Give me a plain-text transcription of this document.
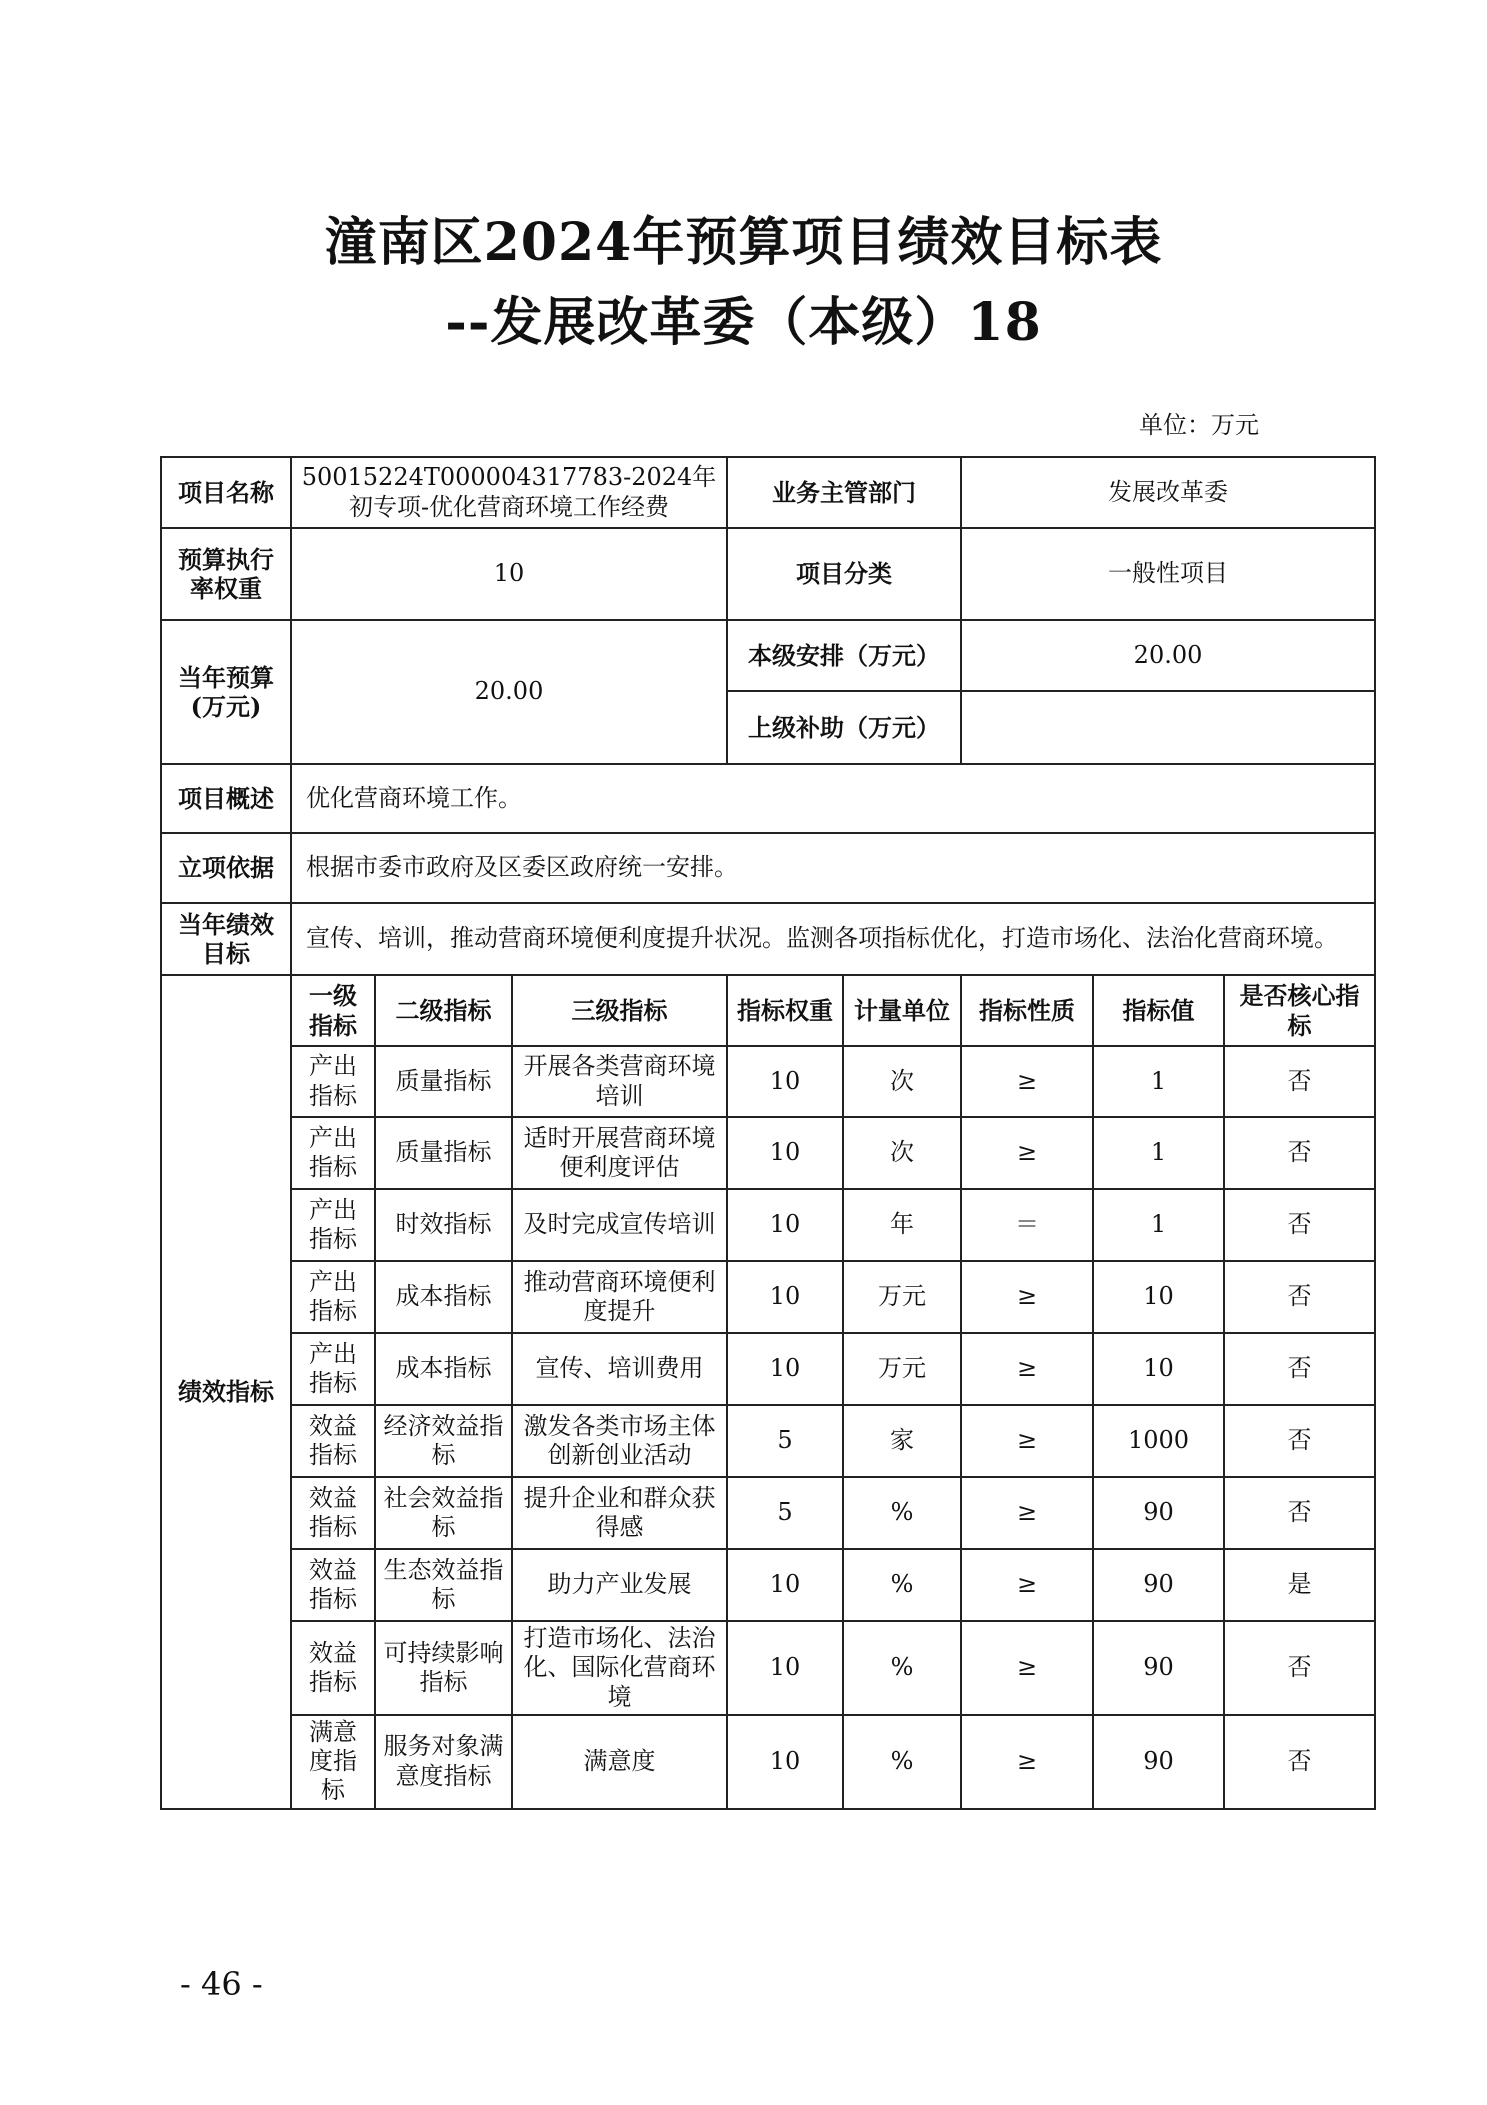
潼南区2024年预算项目绩效目标表
--发展改革委（本级）18
单位：万元
项目名称	50015224T000004317783-2024年初专项-优化营商环境工作经费			业务主管部门		发展改革委		
预算执行率权重	10			项目分类		一般性项目		
当年预算(万元)	20.00			本级安排（万元）		20.00		
				上级补助（万元）				
项目概述	优化营商环境工作。							
立项依据	根据市委市政府及区委区政府统一安排。							
当年绩效目标	宣传、培训，推动营商环境便利度提升状况。监测各项指标优化，打造市场化、法治化营商环境。							
绩效指标	一级指标	二级指标	三级指标	指标权重	计量单位	指标性质	指标值	是否核心指标
	产出指标	质量指标	开展各类营商环境培训	10	次	≥	1	否
	产出指标	质量指标	适时开展营商环境便利度评估	10	次	≥	1	否
	产出指标	时效指标	及时完成宣传培训	10	年	＝	1	否
	产出指标	成本指标	推动营商环境便利度提升	10	万元	≥	10	否
	产出指标	成本指标	宣传、培训费用	10	万元	≥	10	否
	效益指标	经济效益指标	激发各类市场主体创新创业活动	5	家	≥	1000	否
	效益指标	社会效益指标	提升企业和群众获得感	5	%	≥	90	否
	效益指标	生态效益指标	助力产业发展	10	%	≥	90	是
	效益指标	可持续影响指标	打造市场化、法治化、国际化营商环境	10	%	≥	90	否
	满意度指标	服务对象满意度指标	满意度	10	%	≥	90	否
- 46 -
